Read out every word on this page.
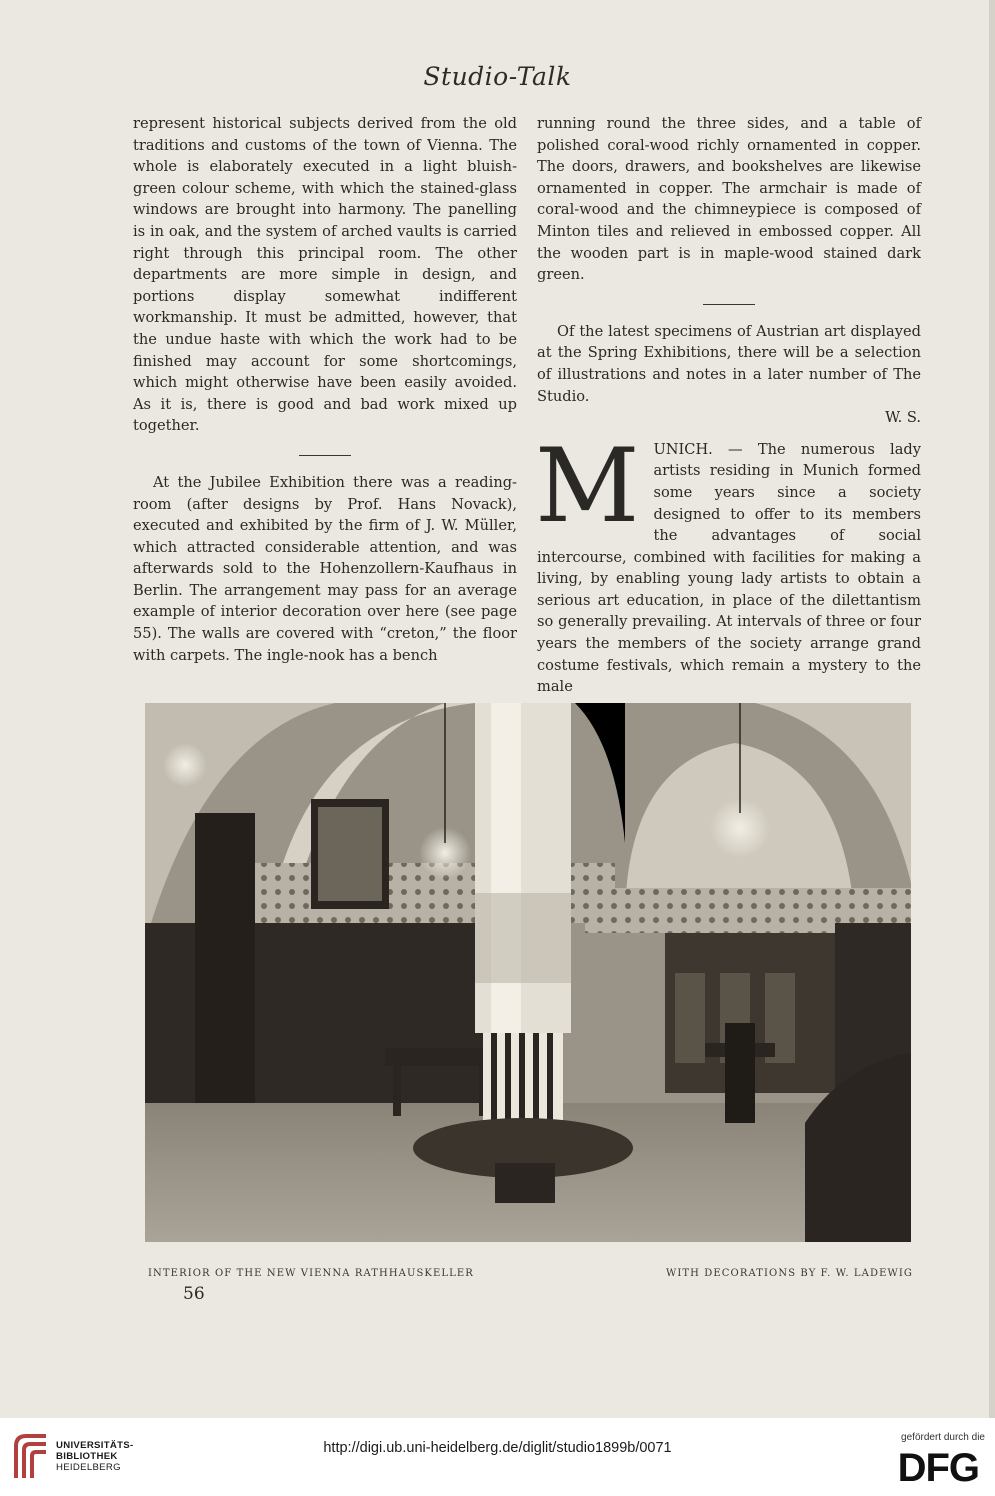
Studio-Talk

represent historical subjects derived from the old traditions and customs of the town of Vienna. The whole is elaborately executed in a light bluish-green colour scheme, with which the stained-glass windows are brought into harmony. The panelling is in oak, and the system of arched vaults is carried right through this principal room. The other departments are more simple in design, and portions display somewhat indifferent workmanship. It must be admitted, however, that the undue haste with which the work had to be finished may account for some shortcomings, which might otherwise have been easily avoided. As it is, there is good and bad work mixed up together.

At the Jubilee Exhibition there was a reading-room (after designs by Prof. Hans Novack), executed and exhibited by the firm of J. W. Müller, which attracted considerable attention, and was afterwards sold to the Hohenzollern-Kaufhaus in Berlin. The arrangement may pass for an average example of interior decoration over here (see page 55). The walls are covered with “creton,” the floor with carpets. The ingle-nook has a bench

running round the three sides, and a table of polished coral-wood richly ornamented in copper. The doors, drawers, and bookshelves are likewise ornamented in copper. The armchair is made of coral-wood and the chimneypiece is composed of Minton tiles and relieved in embossed copper. All the wooden part is in maple-wood stained dark green.

Of the latest specimens of Austrian art displayed at the Spring Exhibitions, there will be a selection of illustrations and notes in a later number of The Studio.

W. S.

MUNICH. — The numerous lady artists residing in Munich formed some years since a society designed to offer to its members the advantages of social intercourse, combined with facilities for making a living, by enabling young lady artists to obtain a serious art education, in place of the dilettantism so generally prevailing. At intervals of three or four years the members of the society arrange grand costume festivals, which remain a mystery to the male

INTERIOR OF THE NEW VIENNA RATHHAUSKELLER	WITH DECORATIONS BY F. W. LADEWIG
56
UNIVERSITÄTS-
BIBLIOTHEK
HEIDELBERG
http://digi.ub.uni-heidelberg.de/diglit/studio1899b/0071
gefördert durch die
DFG
